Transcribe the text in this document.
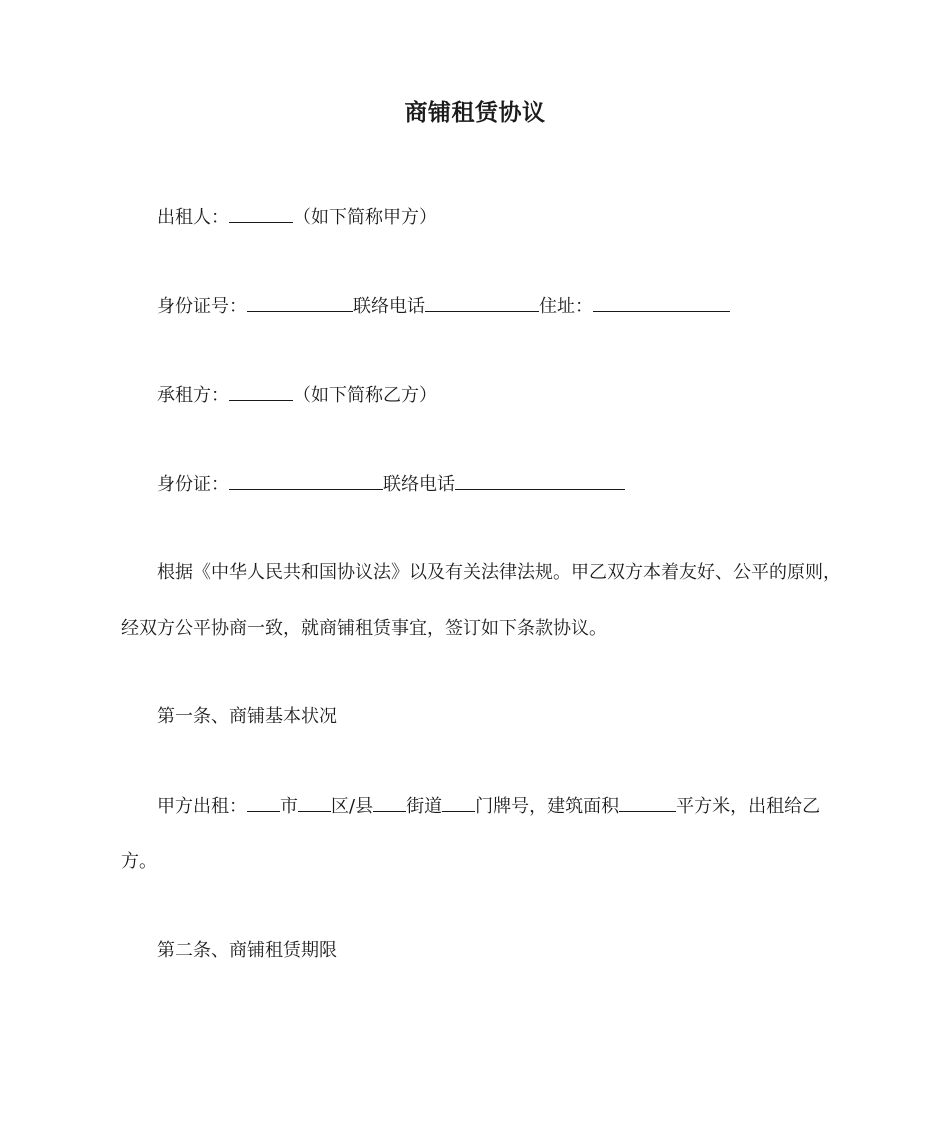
商铺租赁协议
出租人：	（如下简称甲方）
身份证号：	联络电话	住址：
承租方：	（如下简称乙方）
身份证：	联络电话
根据《中华人民共和国协议法》以及有关法律法规。甲乙双方本着友好、公平的原则，
经双方公平协商一致，就商铺租赁事宜，签订如下条款协议。
第一条、商铺基本状况
甲方出租： 市 区/县 街道 门牌号，建筑面积	平方米，出租给乙
方。
第二条、商铺租赁期限
